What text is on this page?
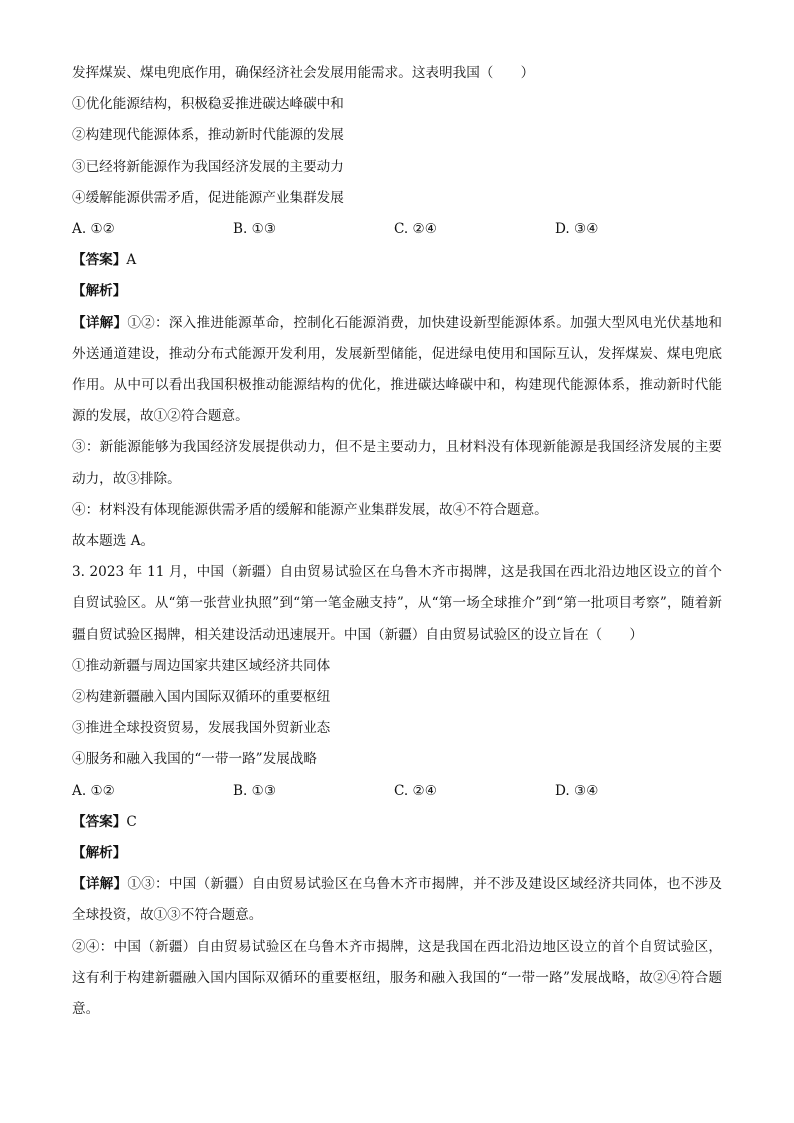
发挥煤炭、煤电兜底作用，确保经济社会发展用能需求。这表明我国（　　）
①优化能源结构，积极稳妥推进碳达峰碳中和
②构建现代能源体系，推动新时代能源的发展
③已经将新能源作为我国经济发展的主要动力
④缓解能源供需矛盾，促进能源产业集群发展
A. ①②	B. ①③	C. ②④	D. ③④
【答案】A
【解析】
【详解】①②：深入推进能源革命，控制化石能源消费，加快建设新型能源体系。加强大型风电光伏基地和外送通道建设，推动分布式能源开发利用，发展新型储能，促进绿电使用和国际互认，发挥煤炭、煤电兜底作用。从中可以看出我国积极推动能源结构的优化，推进碳达峰碳中和，构建现代能源体系，推动新时代能源的发展，故①②符合题意。
③：新能源能够为我国经济发展提供动力，但不是主要动力，且材料没有体现新能源是我国经济发展的主要动力，故③排除。
④：材料没有体现能源供需矛盾的缓解和能源产业集群发展，故④不符合题意。
故本题选 A。
3. 2023 年 11 月，中国（新疆）自由贸易试验区在乌鲁木齐市揭牌，这是我国在西北沿边地区设立的首个自贸试验区。从“第一张营业执照”到“第一笔金融支持”，从“第一场全球推介”到“第一批项目考察”，随着新疆自贸试验区揭牌，相关建设活动迅速展开。中国（新疆）自由贸易试验区的设立旨在（　　）
①推动新疆与周边国家共建区域经济共同体
②构建新疆融入国内国际双循环的重要枢纽
③推进全球投资贸易，发展我国外贸新业态
④服务和融入我国的“一带一路”发展战略
A. ①②	B. ①③	C. ②④	D. ③④
【答案】C
【解析】
【详解】①③：中国（新疆）自由贸易试验区在乌鲁木齐市揭牌，并不涉及建设区域经济共同体，也不涉及全球投资，故①③不符合题意。
②④：中国（新疆）自由贸易试验区在乌鲁木齐市揭牌，这是我国在西北沿边地区设立的首个自贸试验区，这有利于构建新疆融入国内国际双循环的重要枢纽，服务和融入我国的“一带一路”发展战略，故②④符合题意。
